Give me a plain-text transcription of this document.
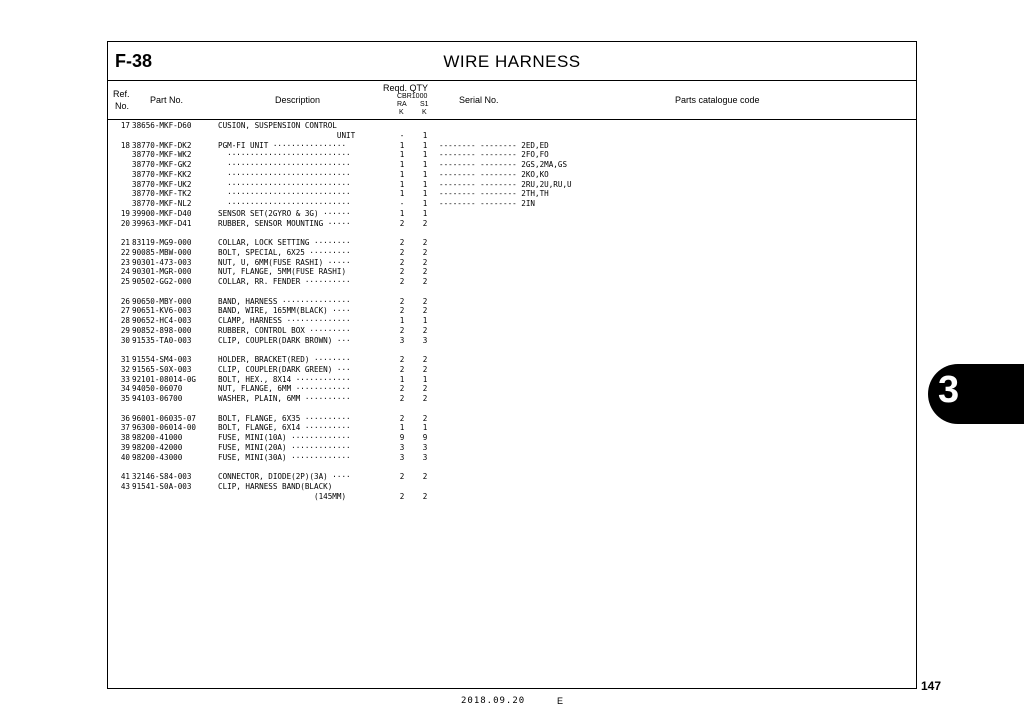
F-38	WIRE HARNESS
Ref.
No.
Part No.	Description
Reqd. QTY
CBR1000
RA S1
K	K
Serial No.	Parts catalogue code
17 38656-MKF-D60	CUSION, SUSPENSION CONTROL
UNIT	-	1
18 38770-MKF-DK2	PGM-FI UNIT ················	1	1	-------- -------- 2ED,ED
38770-MKF-WK2	···························	1	1	-------- -------- 2FO,FO
38770-MKF-GK2	···························	1	1	-------- -------- 2GS,2MA,GS
38770-MKF-KK2	···························	1	1	-------- -------- 2KO,KO
38770-MKF-UK2	···························	1	1	-------- -------- 2RU,2U,RU,U
38770-MKF-TK2	···························	1	1	-------- -------- 2TH,TH
38770-MKF-NL2	···························	-	1	-------- -------- 2IN
19 39900-MKF-D40	SENSOR SET(2GYRO & 3G) ······	1	1
20 39963-MKF-D41	RUBBER, SENSOR MOUNTING ·····	2	2
21 83119-MG9-000	COLLAR, LOCK SETTING ········	2	2
22 90085-MBW-000	BOLT, SPECIAL, 6X25 ·········	2	2
23 90301-473-003	NUT, U, 6MM(FUSE RASHI) ·····	2	2
24 90301-MGR-000	NUT, FLANGE, 5MM(FUSE RASHI)	2	2
25 90502-GG2-000	COLLAR, RR. FENDER ··········	2	2
26 90650-MBY-000	BAND, HARNESS ···············	2	2
27 90651-KV6-003	BAND, WIRE, 165MM(BLACK) ····	2	2
28 90652-HC4-003	CLAMP, HARNESS ··············	1	1
29 90852-898-000	RUBBER, CONTROL BOX ·········	2	2
30 91535-TA0-003	CLIP, COUPLER(DARK BROWN) ···	3	3
31 91554-SM4-003	HOLDER, BRACKET(RED) ········	2	2
32 91565-S0X-003	CLIP, COUPLER(DARK GREEN) ···	2	2
33 92101-08014-0G	BOLT, HEX., 8X14 ············	1	1
34 94050-06070	NUT, FLANGE, 6MM ············	2	2
35 94103-06700	WASHER, PLAIN, 6MM ··········	2	2
36 96001-06035-07	BOLT, FLANGE, 6X35 ··········	2	2
37 96300-06014-00	BOLT, FLANGE, 6X14 ··········	1	1
38 98200-41000	FUSE, MINI(10A) ·············	9	9
39 98200-42000	FUSE, MINI(20A) ·············	3	3
40 98200-43000	FUSE, MINI(30A) ·············	3	3
41 32146-S84-003	CONNECTOR, DIODE(2P)(3A) ····	2	2
43 91541-S0A-003	CLIP, HARNESS BAND(BLACK)
(145MM)	2	2
3
147
2018.09.20	E
